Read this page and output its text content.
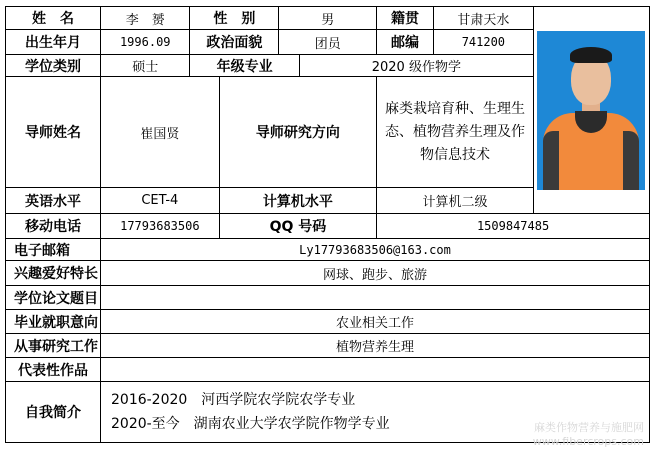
姓　名	李　赟	性　别		男		籍贯	甘肃天水	

出生年月	1996.09	政治面貌		团员		邮编	741200	
学位类别	硕士	年级专业			2020 级作物学			
导师姓名	崔国贤		导师研究方向			麻类栽培育种、生理生态、植物营养生理及作物信息技术		
英语水平	CET-4		计算机水平			计算机二级		
移动电话	17793683506		QQ 号码			1509847485		
电子邮箱	Ly17793683506@163.com							
兴趣爱好特长	网球、跑步、旅游							
学位论文题目								
毕业就职意向	农业相关工作							
从事研究工作	植物营养生理							
代表性作品								
自我简介	2016-2020　河西学院农学院农学专业
2020-至今　湖南农业大学农学院作物学专业								麻类作物营养与施肥网
www.fibercrops.com
